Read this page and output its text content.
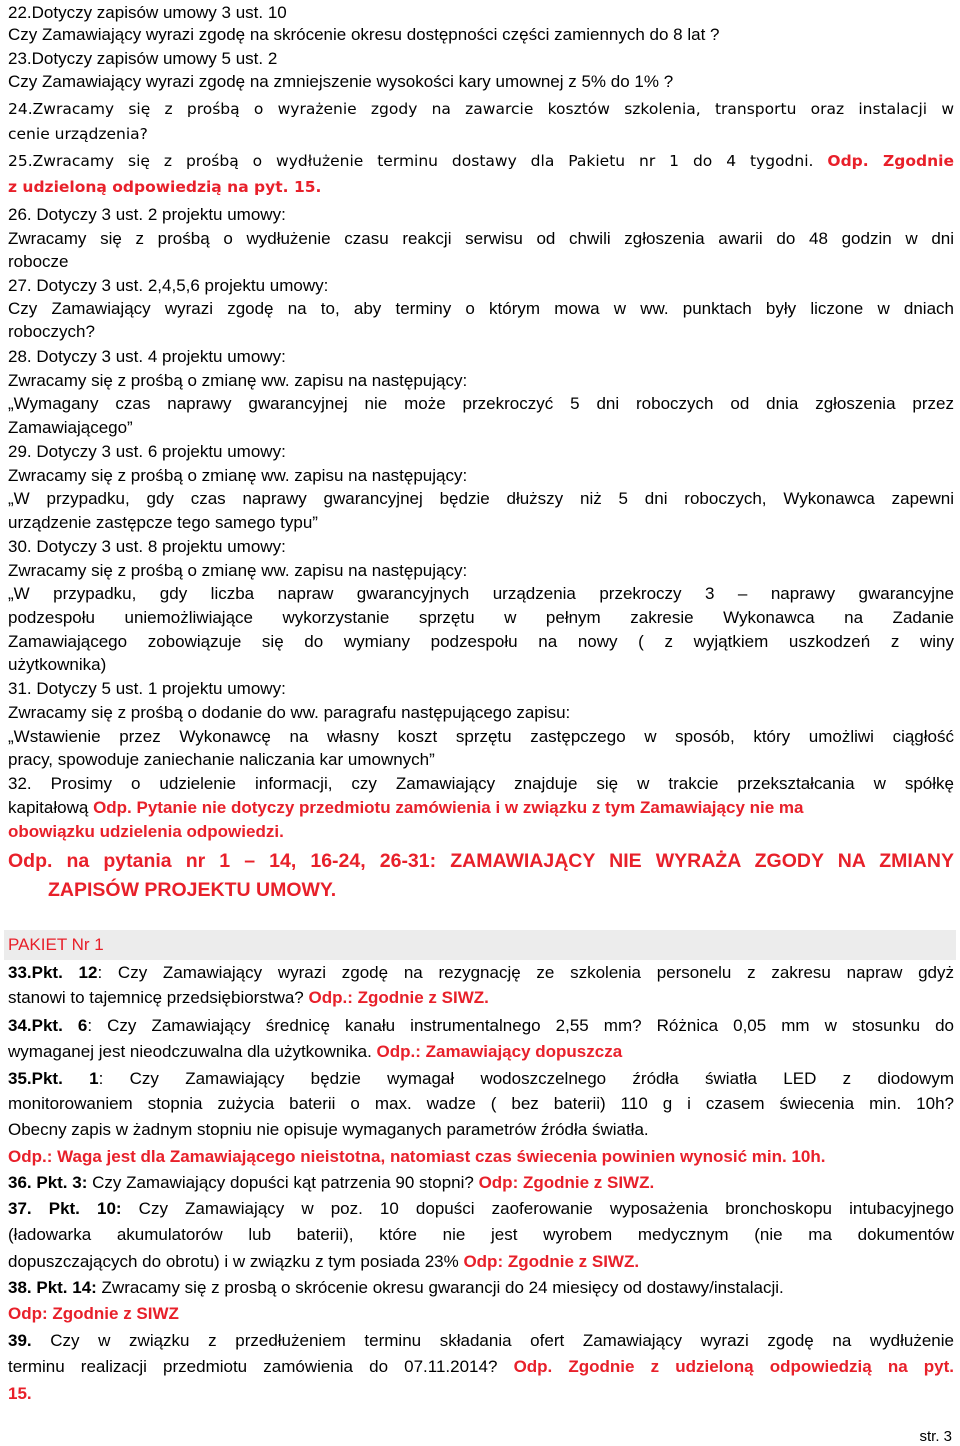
22.Dotyczy zapisów umowy 3 ust. 10
Czy Zamawiający wyrazi zgodę na skrócenie okresu dostępności części zamiennych do 8 lat ?
23.Dotyczy zapisów umowy 5 ust. 2
Czy Zamawiający wyrazi zgodę na zmniejszenie wysokości kary umownej z 5% do 1% ?
24.Zwracamy się z prośbą o wyrażenie zgody na zawarcie kosztów szkolenia, transportu oraz instalacji w
cenie urządzenia?
25.Zwracamy się z prośbą o wydłużenie terminu dostawy dla Pakietu nr 1 do 4 tygodni. Odp. Zgodnie
z udzieloną odpowiedzią na pyt. 15.
26. Dotyczy 3 ust. 2 projektu umowy:
Zwracamy się z prośbą o wydłużenie czasu reakcji serwisu od chwili zgłoszenia awarii do 48 godzin w dni
robocze
27. Dotyczy 3 ust. 2,4,5,6 projektu umowy:
Czy Zamawiający wyrazi zgodę na to, aby terminy o którym mowa w ww. punktach były liczone w dniach
roboczych?
28. Dotyczy 3 ust. 4 projektu umowy:
Zwracamy się z prośbą o zmianę ww. zapisu na następujący:
„Wymagany czas naprawy gwarancyjnej nie może przekroczyć 5 dni roboczych od dnia zgłoszenia przez
Zamawiającego”
29. Dotyczy 3 ust. 6 projektu umowy:
Zwracamy się z prośbą o zmianę ww. zapisu na następujący:
„W przypadku, gdy czas naprawy gwarancyjnej będzie dłuższy niż 5 dni roboczych, Wykonawca zapewni
urządzenie zastępcze tego samego typu”
30. Dotyczy 3 ust. 8 projektu umowy:
Zwracamy się z prośbą o zmianę ww. zapisu na następujący:
„W przypadku, gdy liczba napraw gwarancyjnych urządzenia przekroczy 3 – naprawy gwarancyjne
podzespołu uniemożliwiające wykorzystanie sprzętu w pełnym zakresie Wykonawca na Zadanie
Zamawiającego zobowiązuje się do wymiany podzespołu na nowy ( z wyjątkiem uszkodzeń z winy
użytkownika)
31. Dotyczy 5 ust. 1 projektu umowy:
Zwracamy się z prośbą o dodanie do ww. paragrafu następującego zapisu:
„Wstawienie przez Wykonawcę na własny koszt sprzętu zastępczego w sposób, który umożliwi ciągłość
pracy, spowoduje zaniechanie naliczania kar umownych”
32. Prosimy o udzielenie informacji, czy Zamawiający znajduje się w trakcie przekształcania w spółkę
kapitałową Odp. Pytanie nie dotyczy przedmiotu zamówienia i w związku z tym Zamawiający nie ma
obowiązku udzielenia odpowiedzi.
Odp. na pytania nr 1 – 14, 16-24, 26-31: ZAMAWIAJĄCY NIE WYRAŻA ZGODY NA ZMIANY
ZAPISÓW PROJEKTU UMOWY.
PAKIET Nr 1
33.Pkt. 12: Czy Zamawiający wyrazi zgodę na rezygnację ze szkolenia personelu z zakresu napraw gdyż
stanowi to tajemnicę przedsiębiorstwa? Odp.: Zgodnie z SIWZ.
34.Pkt. 6: Czy Zamawiający średnicę kanału instrumentalnego 2,55 mm? Różnica 0,05 mm w stosunku do
wymaganej jest nieodczuwalna dla użytkownika. Odp.: Zamawiający dopuszcza
35.Pkt. 1: Czy Zamawiający będzie wymagał wodoszczelnego źródła światła LED z diodowym
monitorowaniem stopnia zużycia baterii o max. wadze ( bez baterii) 110 g i czasem świecenia min. 10h?
Obecny zapis w żadnym stopniu nie opisuje wymaganych parametrów źródła światła.
Odp.: Waga jest dla Zamawiającego nieistotna, natomiast czas świecenia powinien wynosić min. 10h.
36. Pkt. 3: Czy Zamawiający dopuści kąt patrzenia 90 stopni? Odp: Zgodnie z SIWZ.
37. Pkt. 10: Czy Zamawiający w poz. 10 dopuści zaoferowanie wyposażenia bronchoskopu intubacyjnego
(ładowarka akumulatorów lub baterii), które nie jest wyrobem medycznym (nie ma dokumentów
dopuszczających do obrotu) i w związku z tym posiada 23% Odp: Zgodnie z SIWZ.
38. Pkt. 14: Zwracamy się z prosbą o skrócenie okresu gwarancji do 24 miesięcy od dostawy/instalacji.
Odp: Zgodnie z SIWZ
39. Czy w związku z przedłużeniem terminu składania ofert Zamawiający wyrazi zgodę na wydłużenie
terminu realizacji przedmiotu zamówienia do 07.11.2014? Odp. Zgodnie z udzieloną odpowiedzią na pyt.
15.
str. 3
